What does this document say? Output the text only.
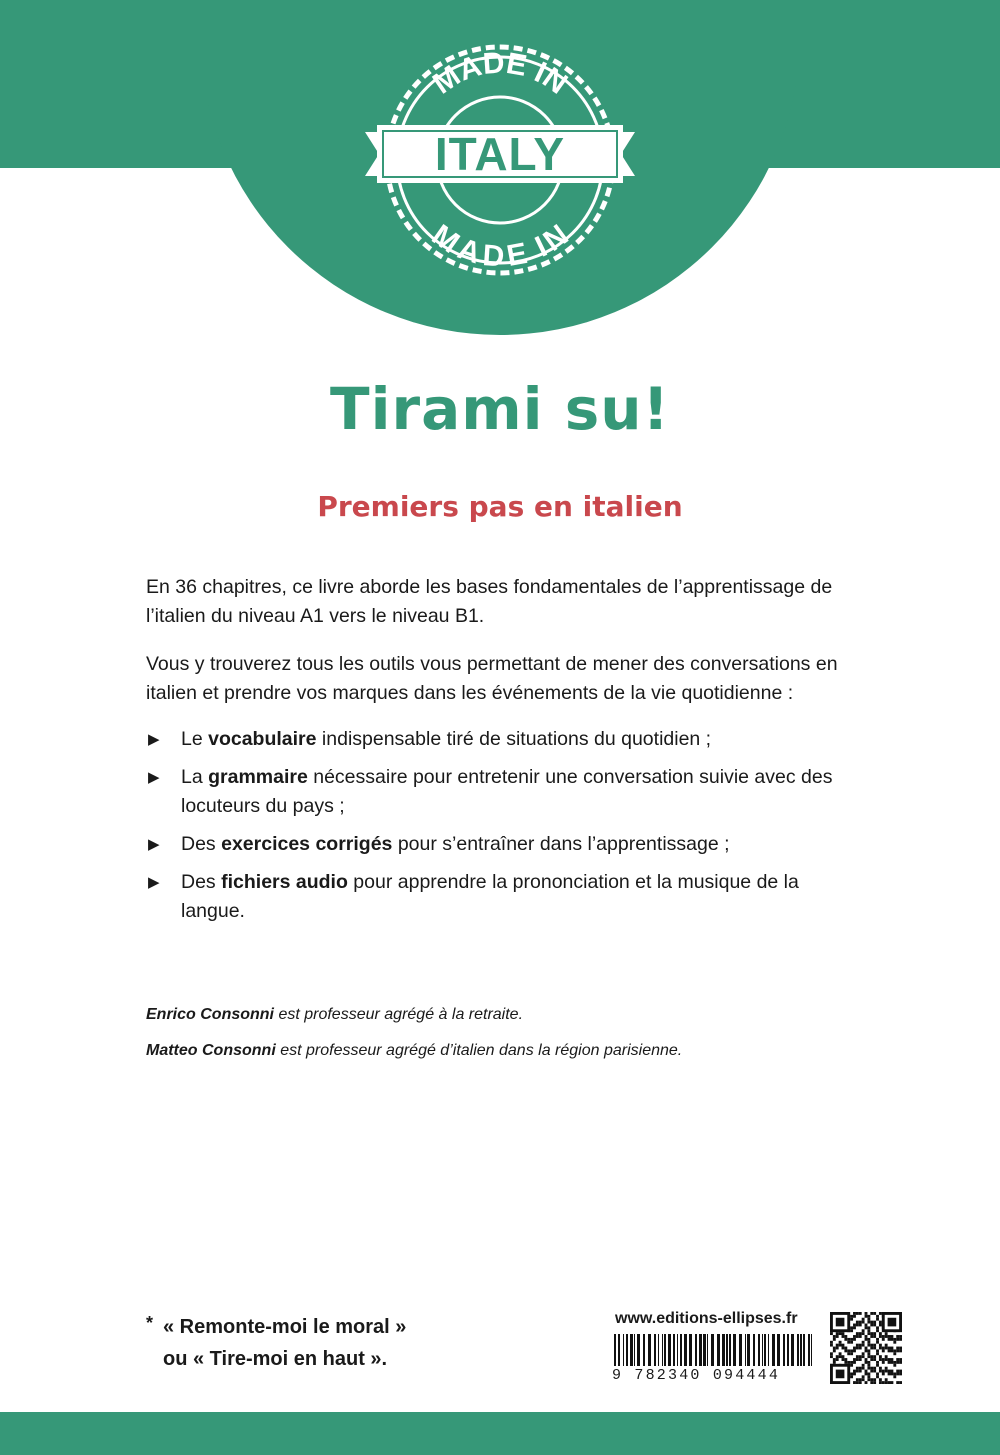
MADE IN
MADE IN
ITALY
Tirami su!
Premiers pas en italien
En 36 chapitres, ce livre aborde les bases fondamentales de l’apprentissage de l’italien du niveau A1 vers le niveau B1.
Vous y trouverez tous les outils vous permettant de mener des conversations en italien et prendre vos marques dans les événements de la vie quotidienne :
▶ Le vocabulaire indispensable tiré de situations du quotidien ;
▶ La grammaire nécessaire pour entretenir une conversation suivie avec des locuteurs du pays ;
▶ Des exercices corrigés pour s’entraîner dans l’apprentissage ;
▶ Des fichiers audio pour apprendre la prononciation et la musique de la langue.
Enrico Consonni est professeur agrégé à la retraite.
Matteo Consonni est professeur agrégé d’italien dans la région parisienne.
* « Remonte-moi le moral »
ou « Tire-moi en haut ».
www.editions-ellipses.fr
9 782340 094444
